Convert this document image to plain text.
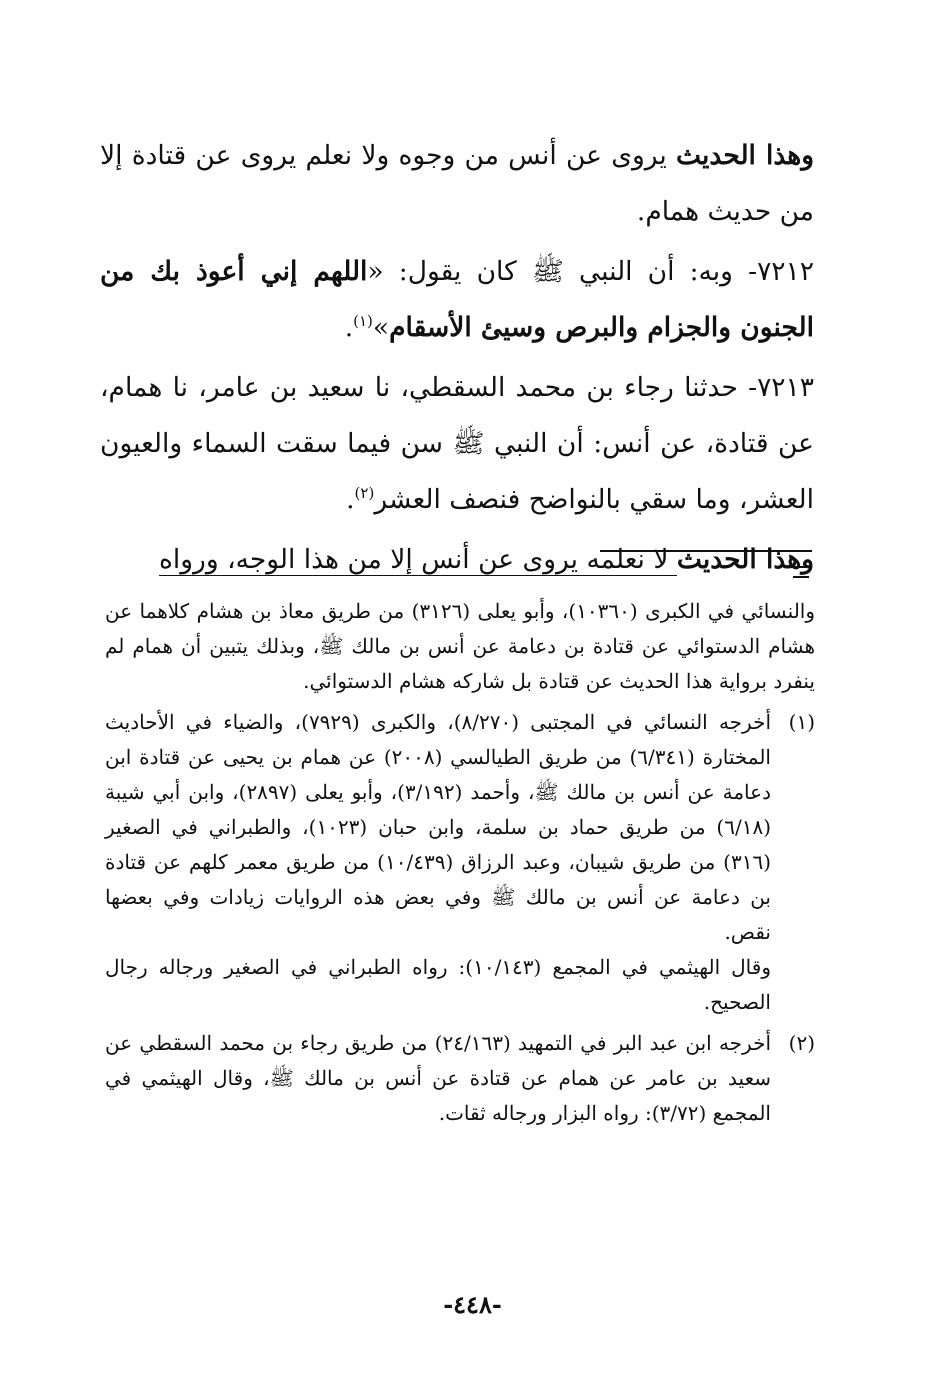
وهذا الحديث يروى عن أنس من وجوه ولا نعلم يروى عن قتادة إلا من حديث همام.

٧٢١٢- وبه: أن النبي ﷺ كان يقول: «اللهم إني أعوذ بك من الجنون والجزام والبرص وسيئ الأسقام»$^{(١)}$.

٧٢١٣- حدثنا رجاء بن محمد السقطي، نا سعيد بن عامر، نا همام، عن قتادة، عن أنس: أن النبي ﷺ سن فيما سقت السماء والعيون العشر، وما سقي بالنواضح فنصف العشر$^{(٢)}$.

وهذا الحديث لا نعلمه يروى عن أنس إلا من هذا الوجه، ورواه

والنسائي في الكبرى (١٠٣٦٠)، وأبو يعلى (٣١٢٦) من طريق معاذ بن هشام كلاهما عن هشام الدستوائي عن قتادة بن دعامة عن أنس بن مالك ﷺ، وبذلك يتبين أن همام لم ينفرد برواية هذا الحديث عن قتادة بل شاركه هشام الدستوائي.

(١)

أخرجه النسائي في المجتبى (٨/٢٧٠)، والكبرى (٧٩٢٩)، والضياء في الأحاديث المختارة (٦/٣٤١) من طريق الطيالسي (٢٠٠٨) عن همام بن يحيى عن قتادة ابن دعامة عن أنس بن مالك ﷺ، وأحمد (٣/١٩٢)، وأبو يعلى (٢٨٩٧)، وابن أبي شيبة (٦/١٨) من طريق حماد بن سلمة، وابن حبان (١٠٢٣)، والطبراني في الصغير (٣١٦) من طريق شيبان، وعبد الرزاق (١٠/٤٣٩) من طريق معمر كلهم عن قتادة بن دعامة عن أنس بن مالك ﷺ وفي بعض هذه الروايات زيادات وفي بعضها نقص.

وقال الهيثمي في المجمع (١٠/١٤٣): رواه الطبراني في الصغير ورجاله رجال الصحيح.

(٢)

أخرجه ابن عبد البر في التمهيد (٢٤/١٦٣) من طريق رجاء بن محمد السقطي عن سعيد بن عامر عن همام عن قتادة عن أنس بن مالك ﷺ، وقال الهيثمي في المجمع (٣/٧٢): رواه البزار ورجاله ثقات.

-٤٤٨-
